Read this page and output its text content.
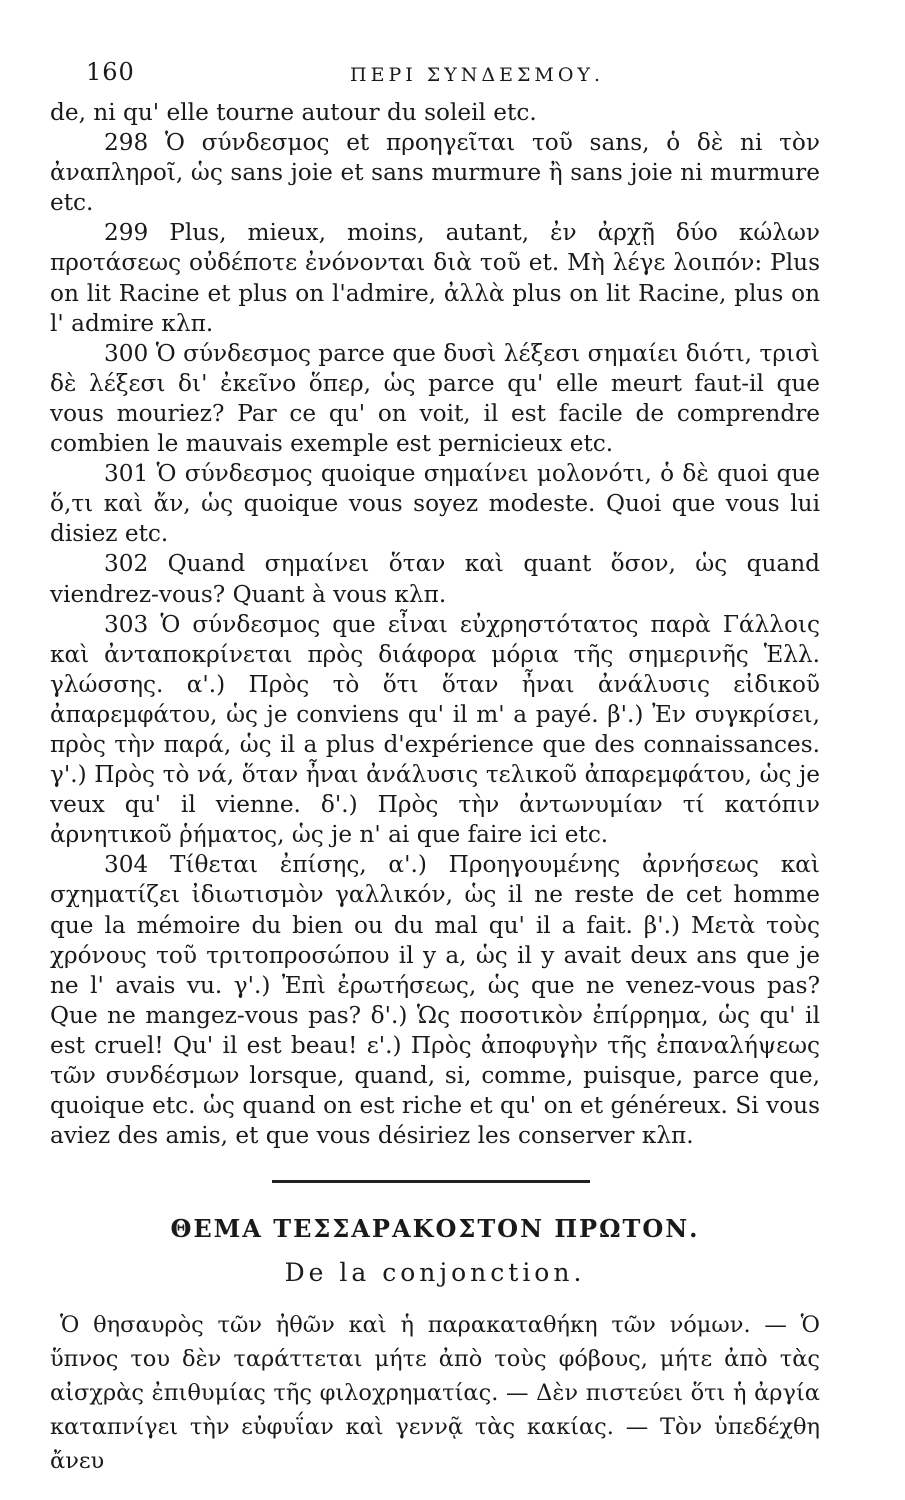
160	ΠΕΡΙ ΣΥΝΔΕΣΜΟΥ.

de, ni qu' elle tourne autour du soleil etc.

298 Ὁ σύνδεσμος et προηγεῖται τοῦ sans, ὁ δὲ ni τὸν ἀναπληροῖ, ὡς sans joie et sans murmure ἢ sans joie ni murmure etc.

299 Plus, mieux, moins, autant, ἐν ἀρχῇ δύο κώλων προτάσεως οὐδέποτε ἐνόνονται διὰ τοῦ et. Μὴ λέγε λοιπόν: Plus on lit Racine et plus on l'admire, ἀλλὰ plus on lit Racine, plus on l' admire κλπ.

300 Ὁ σύνδεσμος parce que δυσὶ λέξεσι σημαίει διότι, τρισὶ δὲ λέξεσι δι' ἐκεῖνο ὅπερ, ὡς parce qu' elle meurt faut-il que vous mouriez? Par ce qu' on voit, il est facile de comprendre combien le mauvais exemple est pernicieux etc.

301 Ὁ σύνδεσμος quoique σημαίνει μολονότι, ὁ δὲ quoi que ὅ,τι καὶ ἄν, ὡς quoique vous soyez modeste. Quoi que vous lui disiez etc.

302 Quand σημαίνει ὅταν καὶ quant ὅσον, ὡς quand viendrez-vous? Quant à vous κλπ.

303 Ὁ σύνδεσμος que εἶναι εὐχρηστότατος παρὰ Γάλλοις καὶ ἀνταποκρίνεται πρὸς διάφορα μόρια τῆς σημερινῆς Ἑλλ. γλώσσης. α'.) Πρὸς τὸ ὅτι ὅταν ἦναι ἀνάλυσις εἰδικοῦ ἀπαρεμφάτου, ὡς je conviens qu' il m' a payé. β'.) Ἐν συγκρίσει, πρὸς τὴν παρά, ὡς il a plus d'expérience que des connaissances. γ'.) Πρὸς τὸ νά, ὅταν ἦναι ἀνάλυσις τελικοῦ ἀπαρεμφάτου, ὡς je veux qu' il vienne. δ'.) Πρὸς τὴν ἀντωνυμίαν τί κατόπιν ἀρνητικοῦ ῥήματος, ὡς je n' ai que faire ici etc.

304 Τίθεται ἐπίσης, α'.) Προηγουμένης ἀρνήσεως καὶ σχηματίζει ἰδιωτισμὸν γαλλικόν, ὡς il ne reste de cet homme que la mémoire du bien ou du mal qu' il a fait. β'.) Μετὰ τοὺς χρόνους τοῦ τριτοπροσώπου il y a, ὡς il y avait deux ans que je ne l' avais vu. γ'.) Ἐπὶ ἐρωτήσεως, ὡς que ne venez-vous pas? Que ne mangez-vous pas? δ'.) Ὡς ποσοτικὸν ἐπίρρημα, ὡς qu' il est cruel! Qu' il est beau! ε'.) Πρὸς ἀποφυγὴν τῆς ἐπαναλήψεως τῶν συνδέσμων lorsque, quand, si, comme, puisque, parce que, quoique etc. ὡς quand on est riche et qu' on et généreux. Si vous aviez des amis, et que vous désiriez les conserver κλπ.

ΘΕΜΑ ΤΕΣΣΑΡΑΚΟΣΤΟΝ ΠΡΩΤΟΝ.
De la conjonction.

Ὁ θησαυρὸς τῶν ἠθῶν καὶ ἡ παρακαταθήκη τῶν νόμων. — Ὁ ὕπνος του δὲν ταράττεται μήτε ἀπὸ τοὺς φόβους, μήτε ἀπὸ τὰς αἰσχρὰς ἐπιθυμίας τῆς φιλοχρηματίας. — Δὲν πιστεύει ὅτι ἡ ἀργία καταπνίγει τὴν εὐφυΐαν καὶ γεννᾷ τὰς κακίας. — Τὸν ὑπεδέχθη ἄνευ
